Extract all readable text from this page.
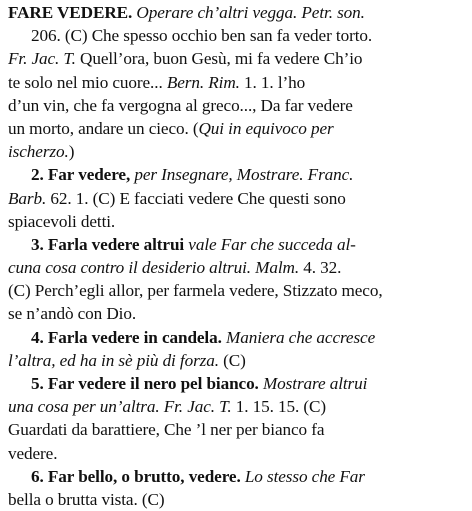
FARE VEDERE. Operare ch’altri vegga. Petr. son.
206. (C) Che spesso occhio ben san fa veder torto.
Fr. Jac. T. Quell’ora, buon Gesù, mi fa vedere Ch’io
te solo nel mio cuore... Bern. Rim. 1. 1. l’ho
d’un vin, che fa vergogna al greco..., Da far vedere
un morto, andare un cieco. (Qui in equivoco per
ischerzo.)
2. Far vedere, per Insegnare, Mostrare. Franc.
Barb. 62. 1. (C) E facciati vedere Che questi sono
spiacevoli detti.
3. Farla vedere altrui vale Far che succeda al-
cuna cosa contro il desiderio altrui. Malm. 4. 32.
(C) Perch’egli allor, per farmela vedere, Stizzato meco,
se n’andò con Dio.
4. Farla vedere in candela. Maniera che accresce
l’altra, ed ha in sè più di forza. (C)
5. Far vedere il nero pel bianco. Mostrare altrui
una cosa per un’altra. Fr. Jac. T. 1. 15. 15. (C)
Guardati da barattiere, Che ’l ner per bianco fa
vedere.
6. Far bello, o brutto, vedere. Lo stesso che Far
bella o brutta vista. (C)
